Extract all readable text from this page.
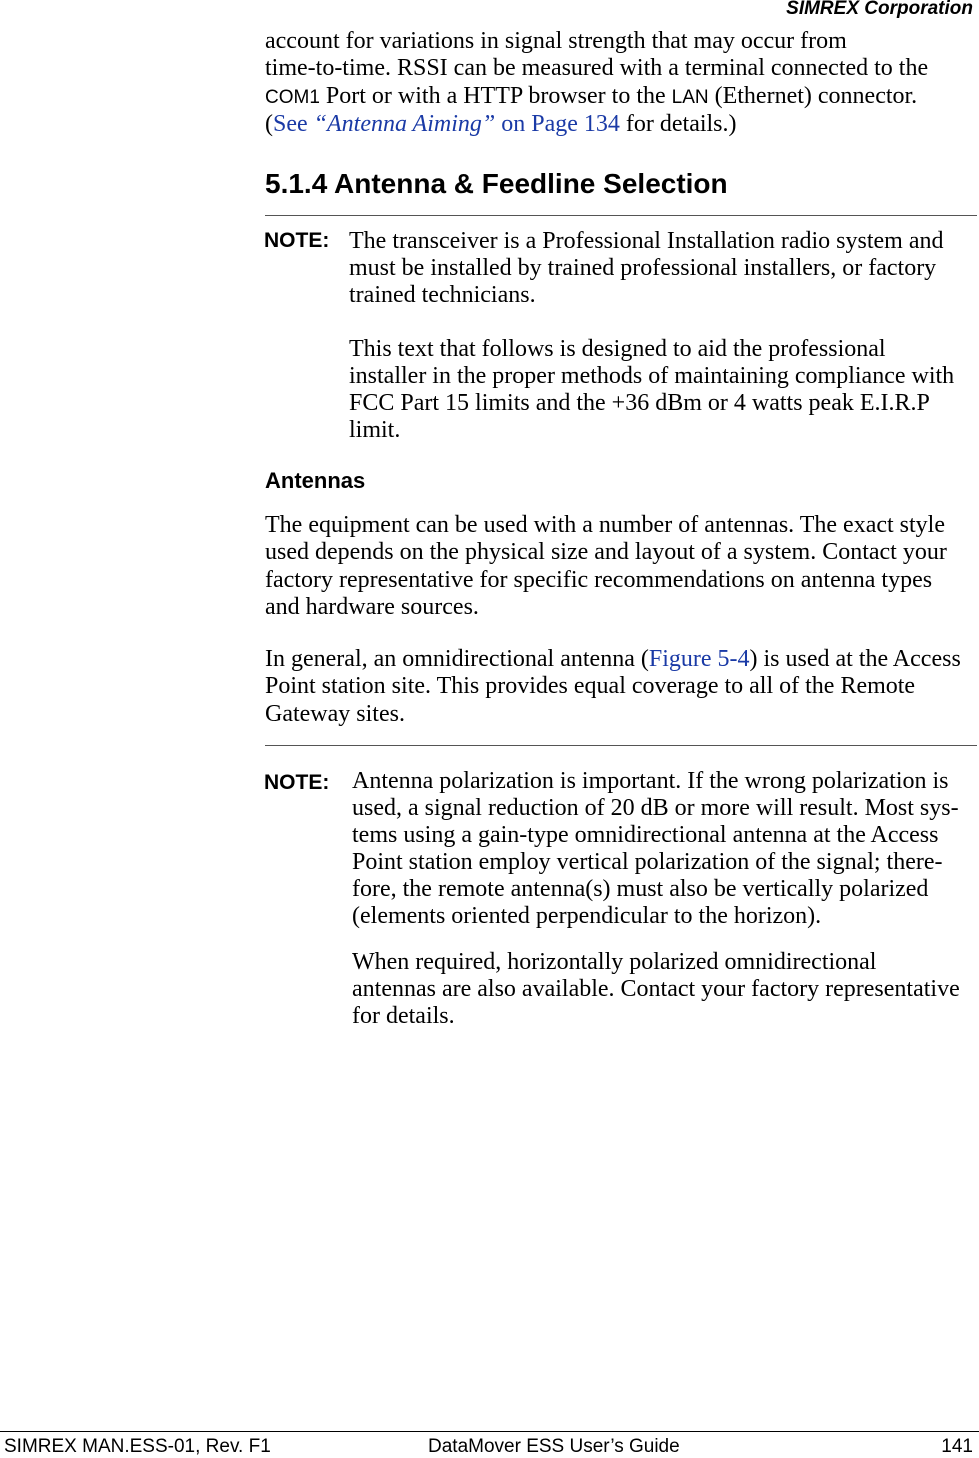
SIMREX Corporation
account for variations in signal strength that may occur from
time-to-time. RSSI can be measured with a terminal connected to the
COM1 Port or with a HTTP browser to the LAN (Ethernet) connector.
(See “Antenna Aiming” on Page 134 for details.)
5.1.4 Antenna & Feedline Selection
NOTE: The transceiver is a Professional Installation radio system and
must be installed by trained professional installers, or factory
trained technicians.
This text that follows is designed to aid the professional
installer in the proper methods of maintaining compliance with
FCC Part 15 limits and the +36 dBm or 4 watts peak E.I.R.P
limit.
Antennas
The equipment can be used with a number of antennas. The exact style
used depends on the physical size and layout of a system. Contact your
factory representative for specific recommendations on antenna types
and hardware sources.
In general, an omnidirectional antenna (Figure 5-4) is used at the Access
Point station site. This provides equal coverage to all of the Remote
Gateway sites.
NOTE: Antenna polarization is important. If the wrong polarization is
used, a signal reduction of 20 dB or more will result. Most sys-
tems using a gain-type omnidirectional antenna at the Access
Point station employ vertical polarization of the signal; there-
fore, the remote antenna(s) must also be vertically polarized
(elements oriented perpendicular to the horizon).
When required, horizontally polarized omnidirectional
antennas are also available. Contact your factory representative
for details.
SIMREX MAN.ESS-01, Rev. F1	DataMover ESS User’s Guide	141
